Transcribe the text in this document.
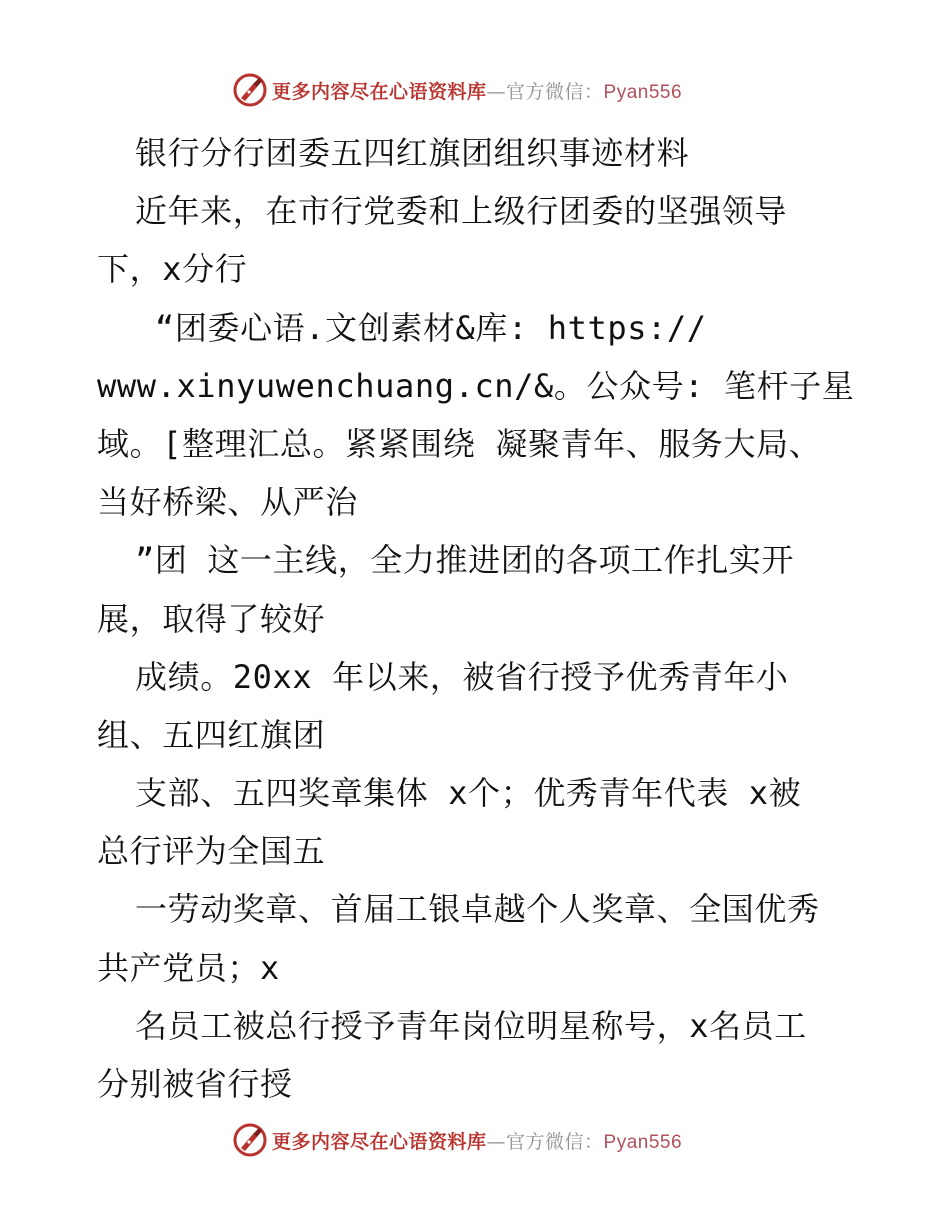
更多内容尽在心语资料库—官方微信：Pyan556
银行分行团委五四红旗团组织事迹材料
近年来，在市行党委和上级行团委的坚强领导
下，x分行
“团委心语.文创素材&库: https://
www.xinyuwenchuang.cn/&。公众号: 笔杆子星
域。[整理汇总。紧紧围绕 凝聚青年、服务大局、
当好桥梁、从严治
”团 这一主线，全力推进团的各项工作扎实开
展，取得了较好
成绩。20xx 年以来，被省行授予优秀青年小
组、五四红旗团
支部、五四奖章集体 x个；优秀青年代表 x被
总行评为全国五
一劳动奖章、首届工银卓越个人奖章、全国优秀
共产党员；x
名员工被总行授予青年岗位明星称号，x名员工
分别被省行授
更多内容尽在心语资料库—官方微信：Pyan556
